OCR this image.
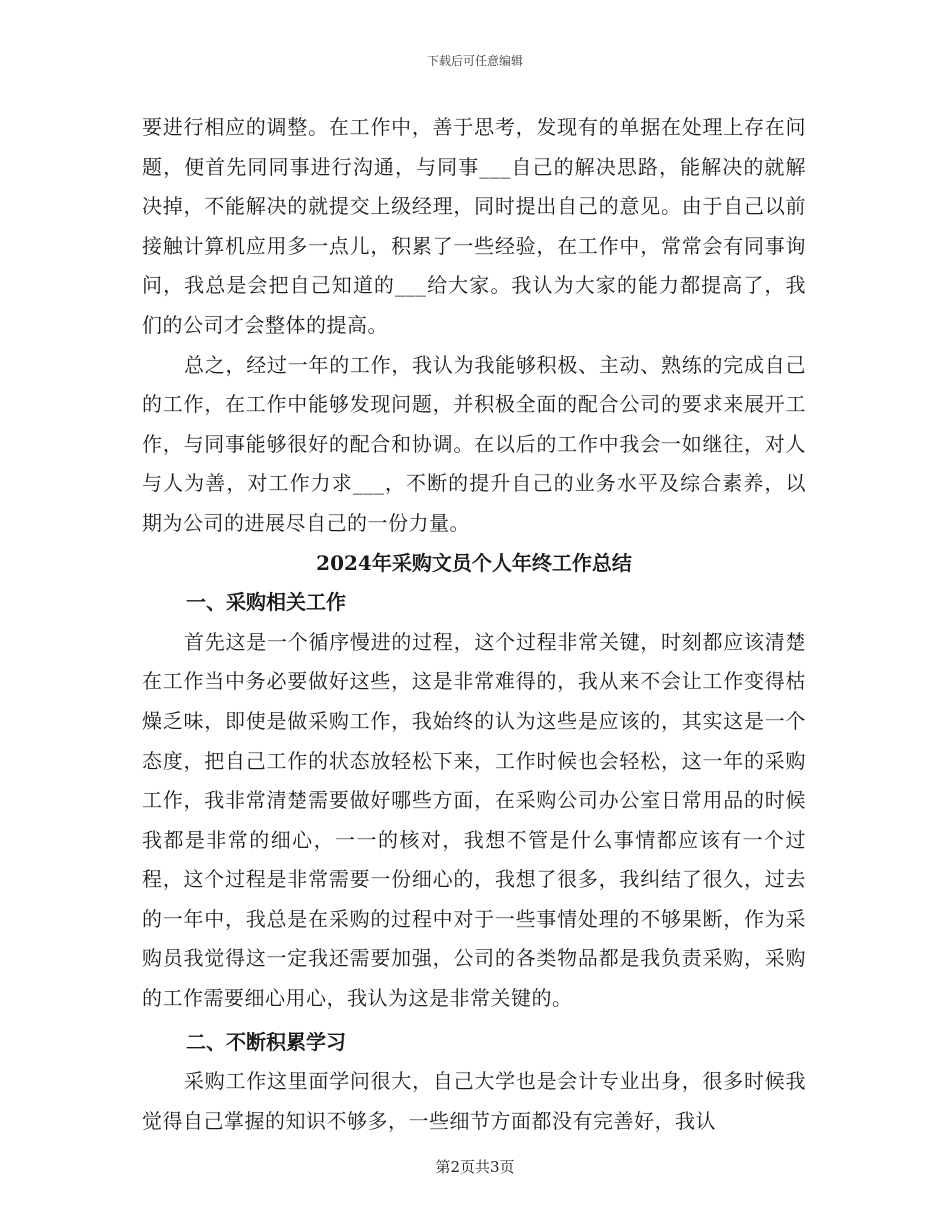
下载后可任意编辑

要进行相应的调整。在工作中，善于思考，发现有的单据在处理上存在问题，便首先同同事进行沟通，与同事___自己的解决思路，能解决的就解决掉，不能解决的就提交上级经理，同时提出自己的意见。由于自己以前接触计算机应用多一点儿，积累了一些经验，在工作中，常常会有同事询问，我总是会把自己知道的___给大家。我认为大家的能力都提高了，我们的公司才会整体的提高。

总之，经过一年的工作，我认为我能够积极、主动、熟练的完成自己的工作，在工作中能够发现问题，并积极全面的配合公司的要求来展开工作，与同事能够很好的配合和协调。在以后的工作中我会一如继往，对人与人为善，对工作力求___，不断的提升自己的业务水平及综合素养，以期为公司的进展尽自己的一份力量。

2024年采购文员个人年终工作总结
一、采购相关工作

首先这是一个循序慢进的过程，这个过程非常关键，时刻都应该清楚在工作当中务必要做好这些，这是非常难得的，我从来不会让工作变得枯燥乏味，即使是做采购工作，我始终的认为这些是应该的，其实这是一个态度，把自己工作的状态放轻松下来，工作时候也会轻松，这一年的采购工作，我非常清楚需要做好哪些方面，在采购公司办公室日常用品的时候我都是非常的细心，一一的核对，我想不管是什么事情都应该有一个过程，这个过程是非常需要一份细心的，我想了很多，我纠结了很久，过去的一年中，我总是在采购的过程中对于一些事情处理的不够果断，作为采购员我觉得这一定我还需要加强，公司的各类物品都是我负责采购，采购的工作需要细心用心，我认为这是非常关键的。

二、不断积累学习

采购工作这里面学问很大，自己大学也是会计专业出身，很多时候我觉得自己掌握的知识不够多，一些细节方面都没有完善好，我认

第2页共3页
